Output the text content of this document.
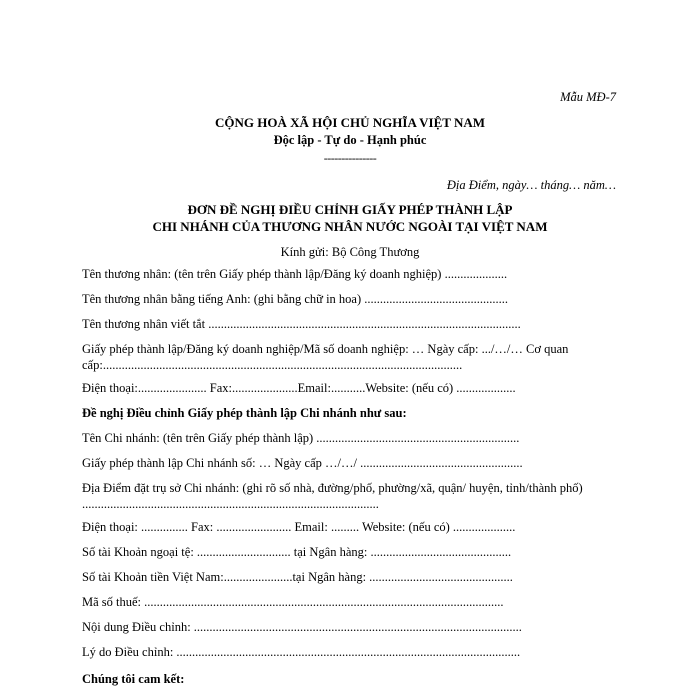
Mẫu MĐ-7
CỘNG HOÀ XÃ HỘI CHỦ NGHĨA VIỆT NAM
Độc lập - Tự do - Hạnh phúc
---------------
Địa Điểm, ngày… tháng… năm…
ĐƠN ĐỀ NGHỊ ĐIỀU CHỈNH GIẤY PHÉP THÀNH LẬP
CHI NHÁNH CỦA THƯƠNG NHÂN NƯỚC NGOÀI TẠI VIỆT NAM
Kính gửi: Bộ Công Thương
Tên thương nhân: (tên trên Giấy phép thành lập/Đăng ký doanh nghiệp) ....................
Tên thương nhân bằng tiếng Anh: (ghi bằng chữ in hoa) ..............................................
Tên thương nhân viết tắt ....................................................................................................
Giấy phép thành lập/Đăng ký doanh nghiệp/Mã số doanh nghiệp: … Ngày cấp: .../…/… Cơ quan cấp:...................................................................................................................
Điện thoại:...................... Fax:.....................Email:...........Website: (nếu có) ...................
Đề nghị Điều chỉnh Giấy phép thành lập Chi nhánh như sau:
Tên Chi nhánh: (tên trên Giấy phép thành lập) .................................................................
Giấy phép thành lập Chi nhánh số: … Ngày cấp …/…/ ....................................................
Địa Điểm đặt trụ sở Chi nhánh: (ghi rõ số nhà, đường/phố, phường/xã, quận/ huyện, tỉnh/thành phố) ...............................................................................................
Điện thoại: ............... Fax: ........................ Email: ......... Website: (nếu có) ....................
Số tài Khoản ngoại tệ: .............................. tại Ngân hàng: .............................................
Số tài Khoản tiền Việt Nam:......................tại Ngân hàng: ..............................................
Mã số thuế: ...................................................................................................................
Nội dung Điều chỉnh: .........................................................................................................
Lý do Điều chỉnh: ..............................................................................................................
Chúng tôi cam kết:
